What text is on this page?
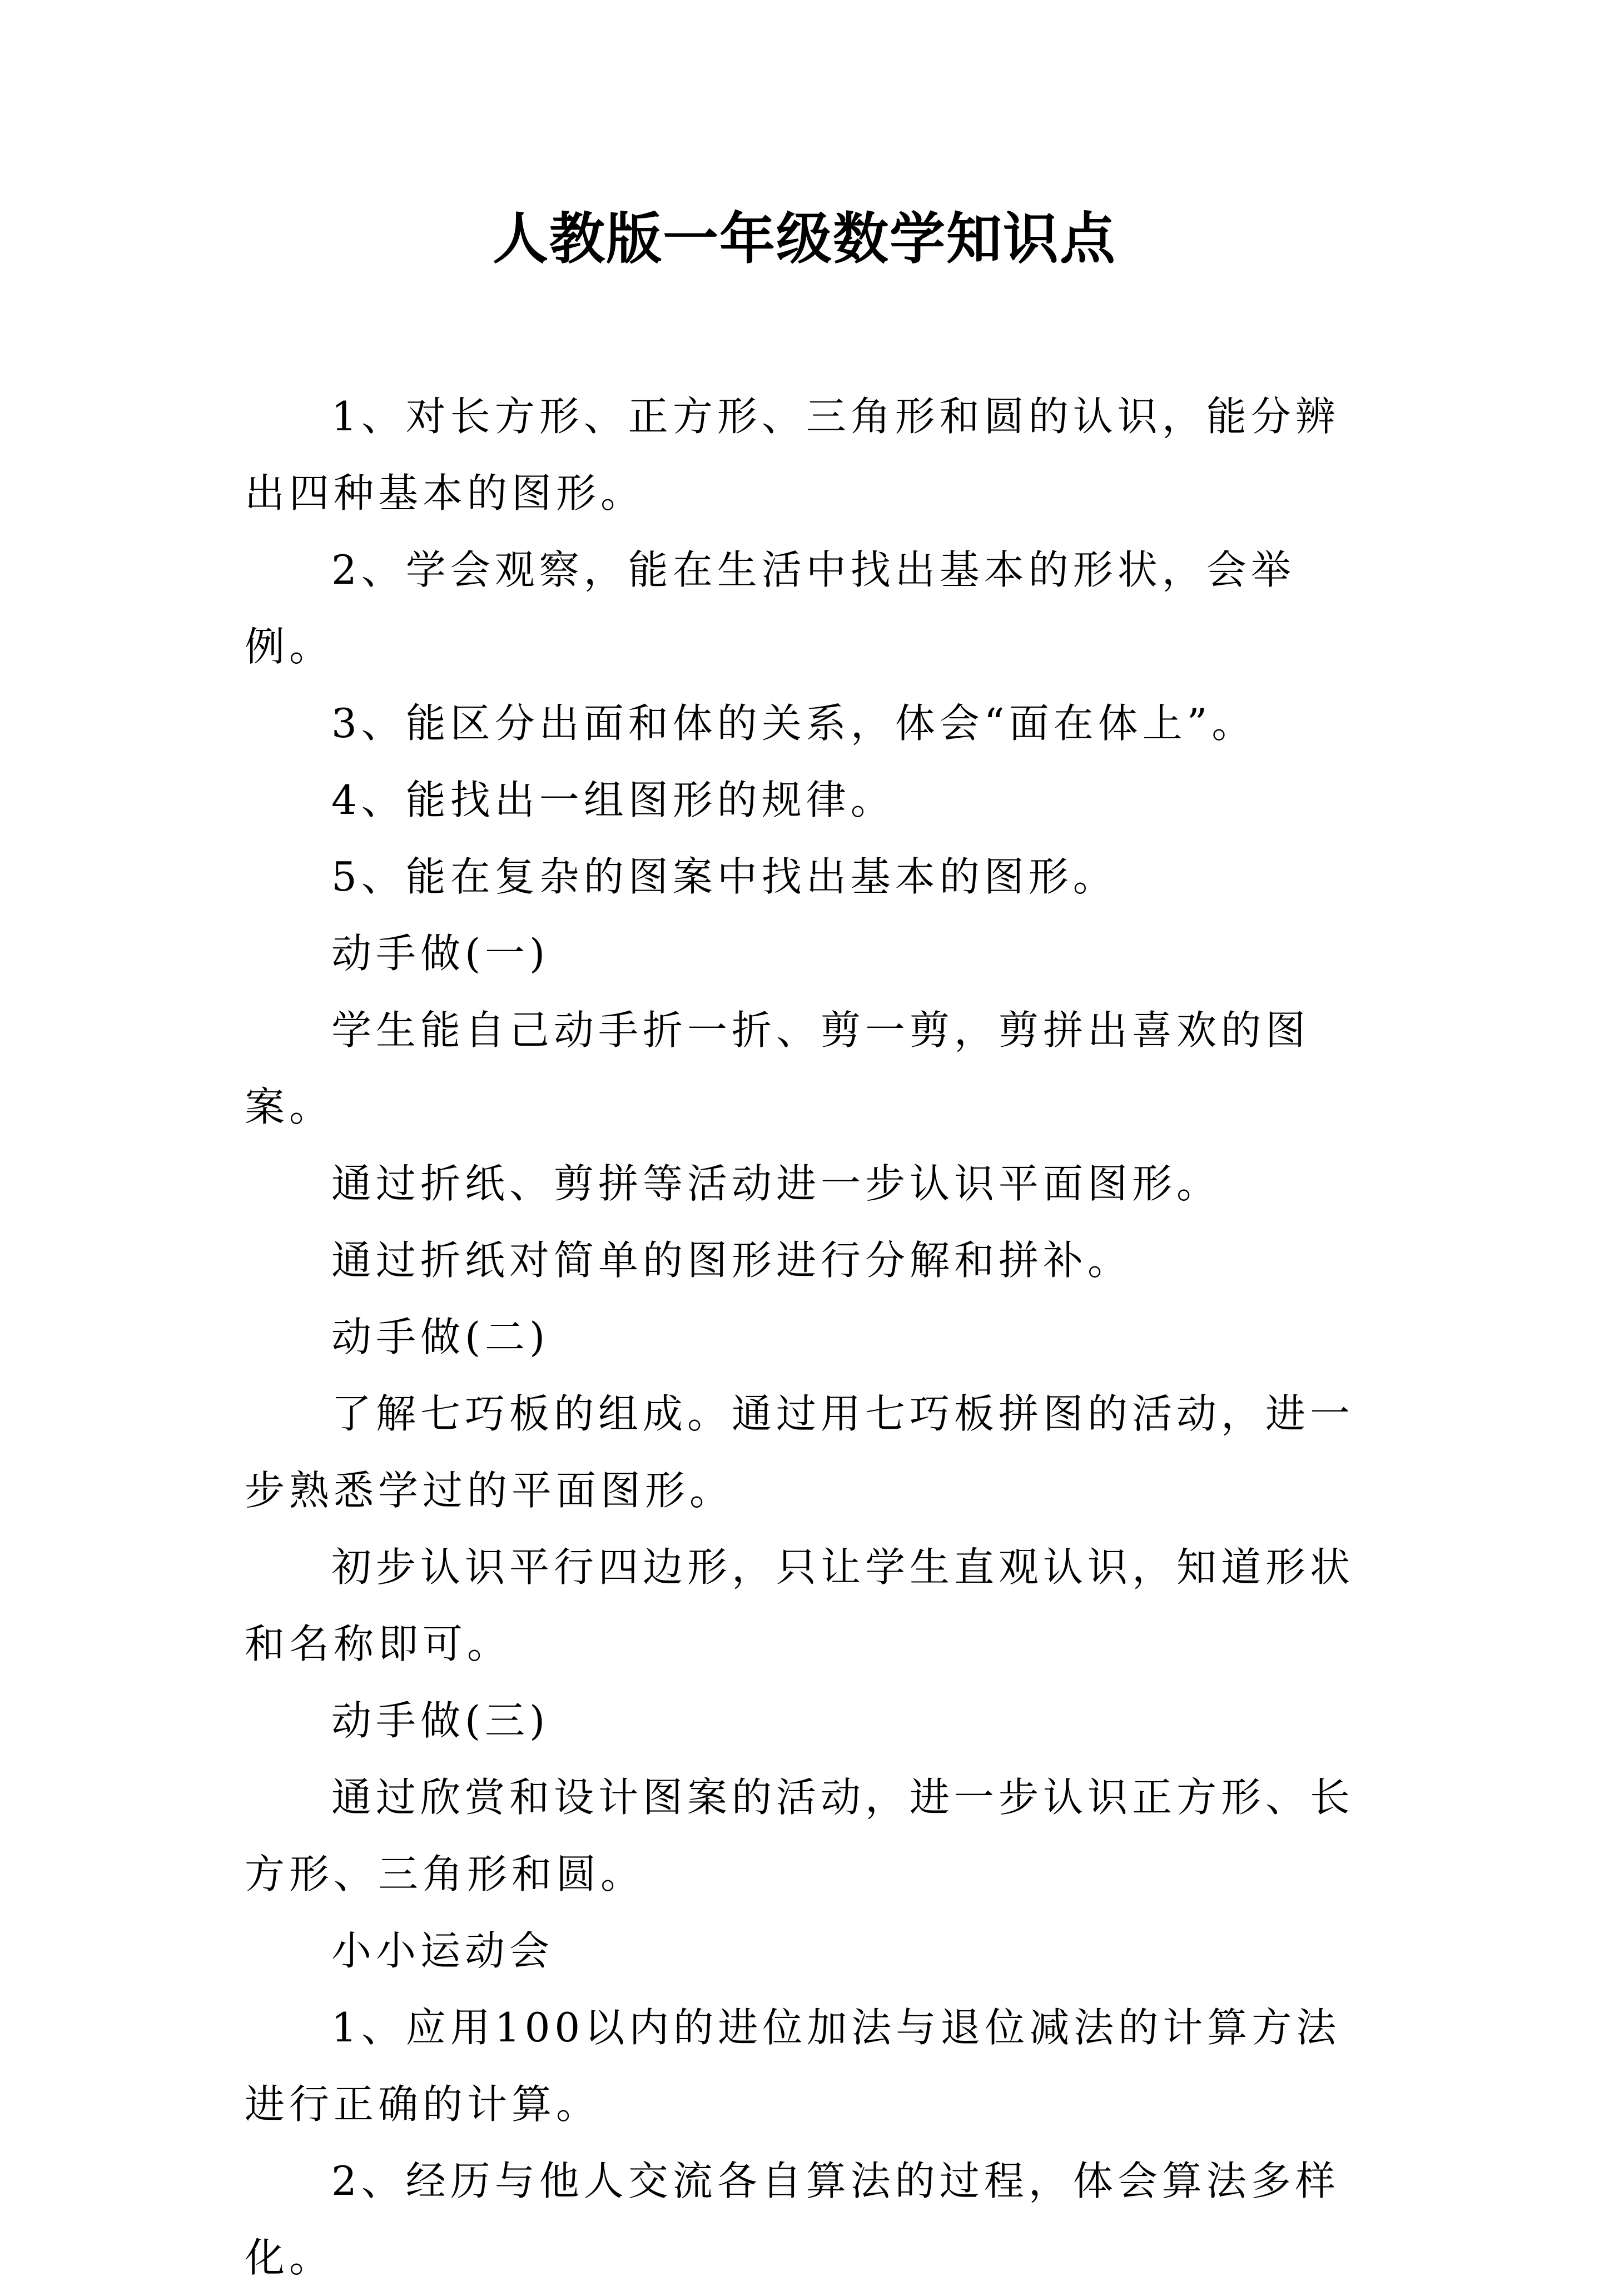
人教版一年级数学知识点

1、对长方形、正方形、三角形和圆的认识，能分辨出四种基本的图形。

2、学会观察，能在生活中找出基本的形状，会举例。

3、能区分出面和体的关系，体会“面在体上”。

4、能找出一组图形的规律。

5、能在复杂的图案中找出基本的图形。

动手做(一)

学生能自己动手折一折、剪一剪，剪拼出喜欢的图案。

通过折纸、剪拼等活动进一步认识平面图形。

通过折纸对简单的图形进行分解和拼补。

动手做(二)

了解七巧板的组成。通过用七巧板拼图的活动，进一步熟悉学过的平面图形。

初步认识平行四边形，只让学生直观认识，知道形状和名称即可。

动手做(三)

通过欣赏和设计图案的活动，进一步认识正方形、长方形、三角形和圆。

小小运动会

1、应用100以内的进位加法与退位减法的计算方法进行正确的计算。

2、经历与他人交流各自算法的过程，体会算法多样化。
